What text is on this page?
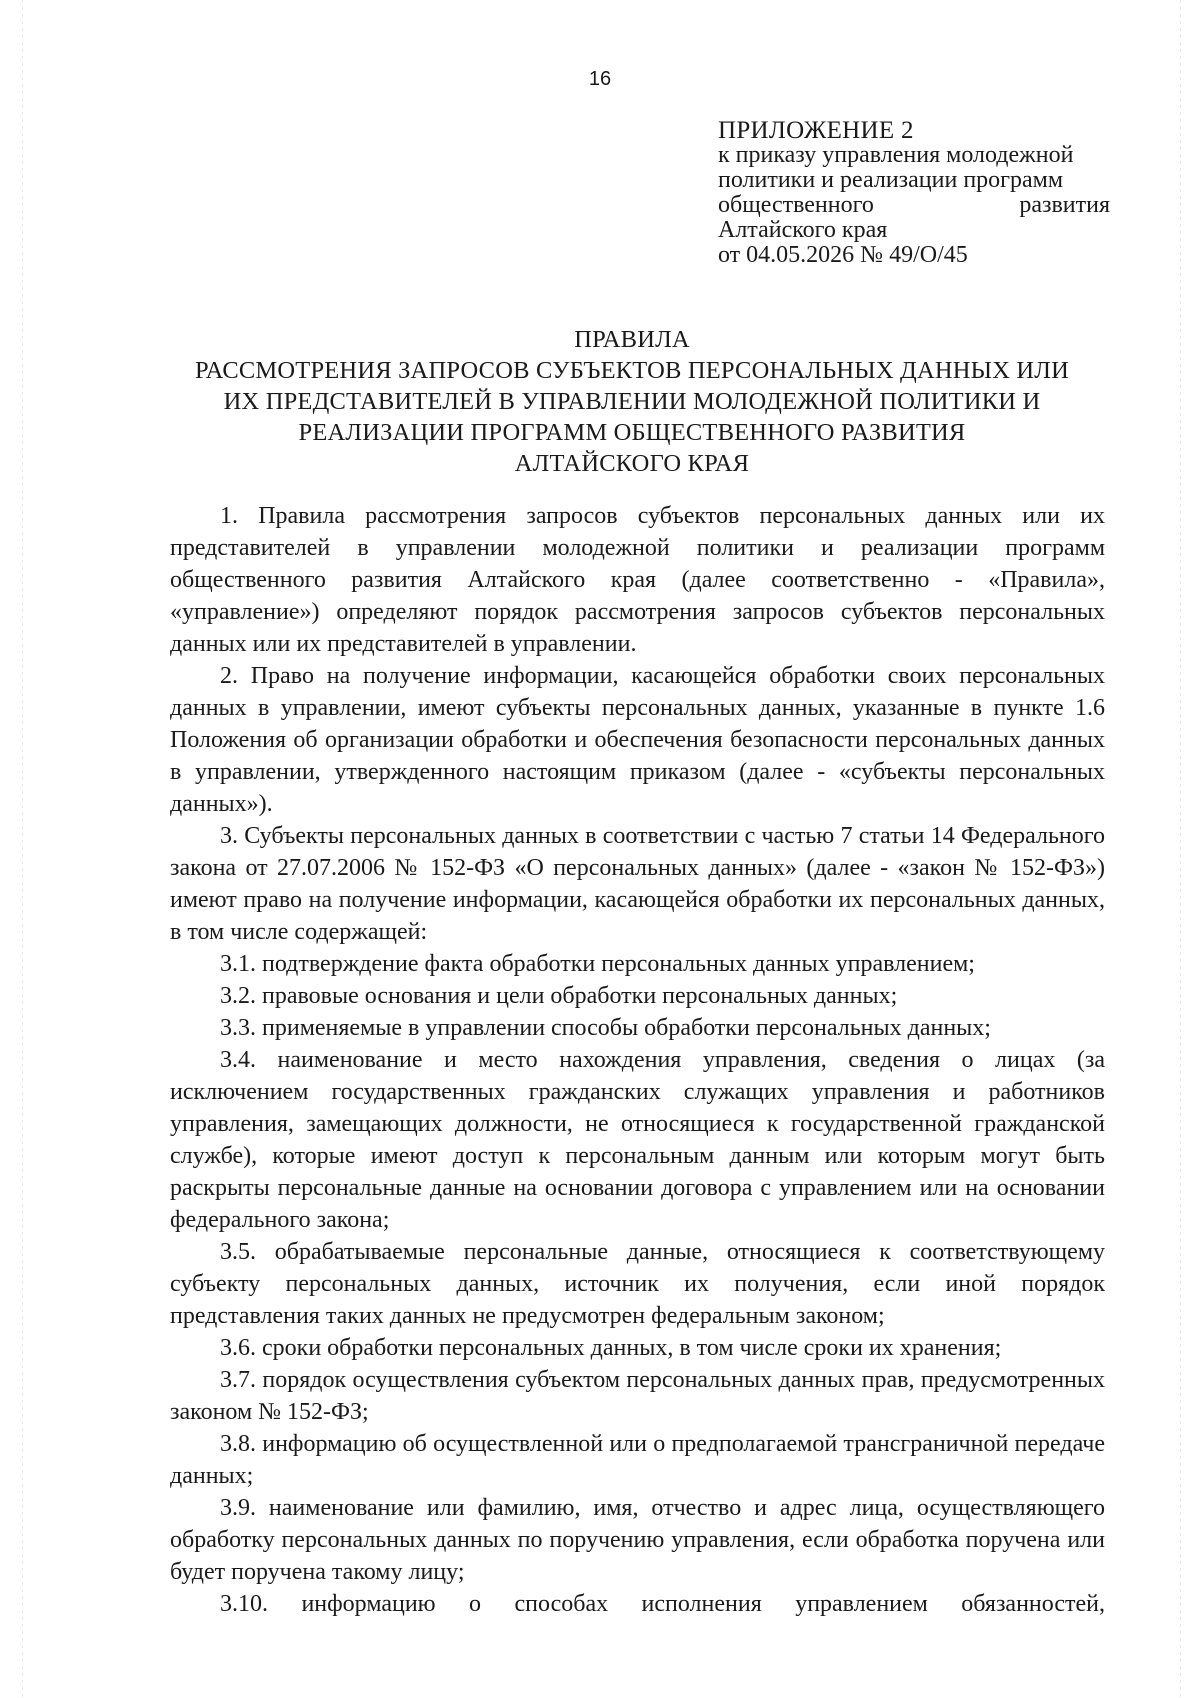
16
ПРИЛОЖЕНИЕ 2
к приказу управления молодежной
политики и реализации программ
общественного	развития
Алтайского края
от 04.05.2026 № 49/О/45
ПРАВИЛА
РАССМОТРЕНИЯ ЗАПРОСОВ СУБЪЕКТОВ ПЕРСОНАЛЬНЫХ ДАННЫХ ИЛИ
ИХ ПРЕДСТАВИТЕЛЕЙ В УПРАВЛЕНИИ МОЛОДЕЖНОЙ ПОЛИТИКИ И
РЕАЛИЗАЦИИ ПРОГРАММ ОБЩЕСТВЕННОГО РАЗВИТИЯ
АЛТАЙСКОГО КРАЯ

1. Правила рассмотрения запросов субъектов персональных данных или их представителей в управлении молодежной политики и реализации программ общественного развития Алтайского края (далее соответственно - «Правила», «управление») определяют порядок рассмотрения запросов субъектов персональных данных или их представителей в управлении.

2. Право на получение информации, касающейся обработки своих персональных данных в управлении, имеют субъекты персональных данных, указанные в пункте 1.6 Положения об организации обработки и обеспечения безопасности персональных данных в управлении, утвержденного настоящим приказом (далее - «субъекты персональных данных»).

3. Субъекты персональных данных в соответствии с частью 7 статьи 14 Федерального закона от 27.07.2006 № 152-ФЗ «О персональных данных» (далее - «закон № 152-ФЗ») имеют право на получение информации, касающейся обработки их персональных данных, в том числе содержащей:

3.1. подтверждение факта обработки персональных данных управлением;

3.2. правовые основания и цели обработки персональных данных;

3.3. применяемые в управлении способы обработки персональных данных;

3.4. наименование и место нахождения управления, сведения о лицах (за исключением государственных гражданских служащих управления и работников управления, замещающих должности, не относящиеся к государственной гражданской службе), которые имеют доступ к персональным данным или которым могут быть раскрыты персональные данные на основании договора с управлением или на основании федерального закона;

3.5. обрабатываемые персональные данные, относящиеся к соответствующему субъекту персональных данных, источник их получения, если иной порядок представления таких данных не предусмотрен федеральным законом;

3.6. сроки обработки персональных данных, в том числе сроки их хранения;

3.7. порядок осуществления субъектом персональных данных прав, предусмотренных законом № 152-ФЗ;

3.8. информацию об осуществленной или о предполагаемой трансграничной передаче данных;

3.9. наименование или фамилию, имя, отчество и адрес лица, осуществляющего обработку персональных данных по поручению управления, если обработка поручена или будет поручена такому лицу;

3.10. информацию о способах исполнения управлением обязанностей,
